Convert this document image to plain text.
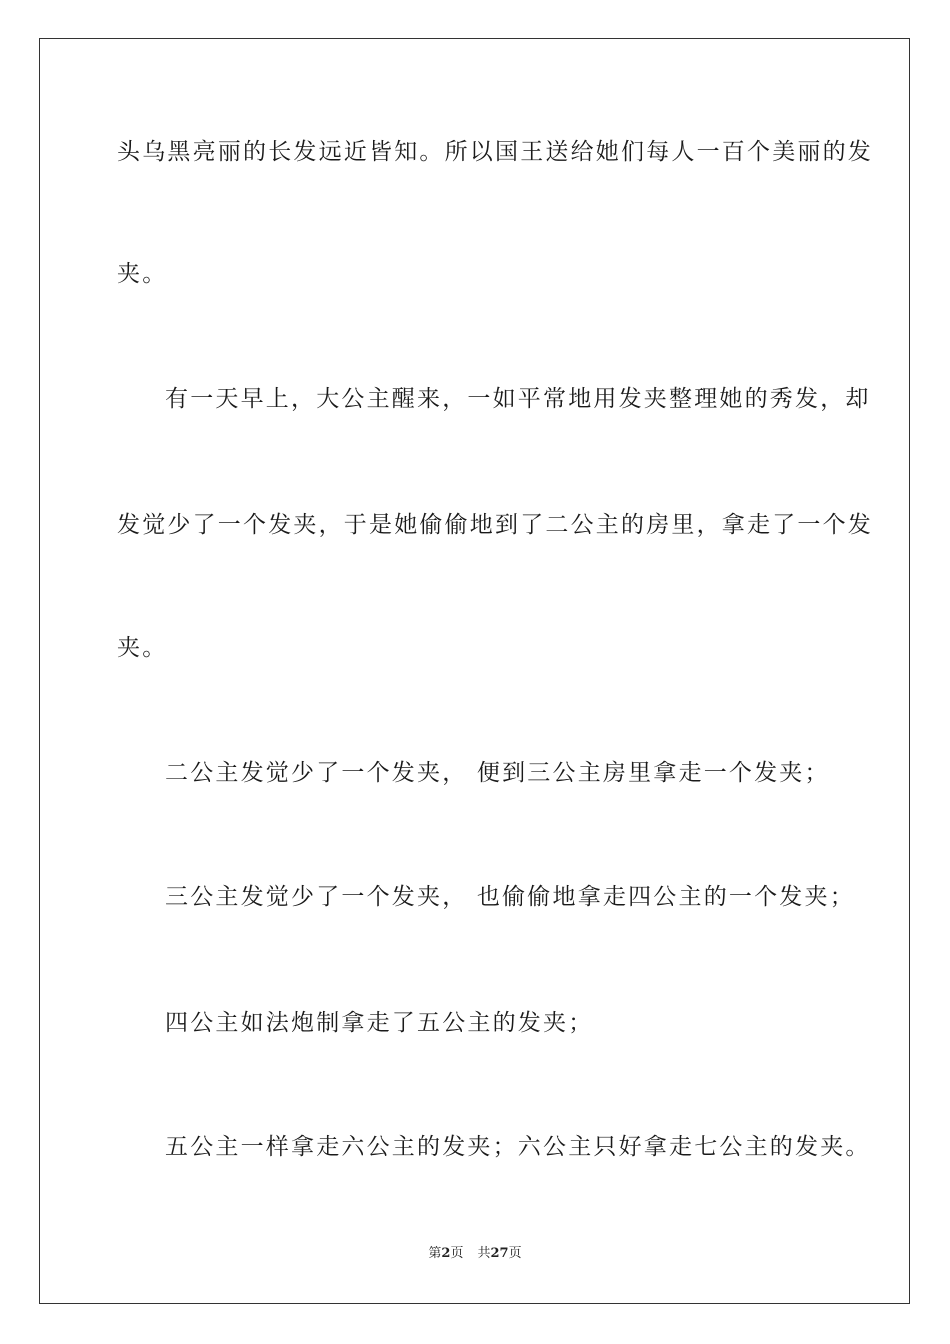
头乌黑亮丽的长发远近皆知。所以国王送给她们每人一百个美丽的发
夹。
有一天早上，大公主醒来，一如平常地用发夹整理她的秀发，却
发觉少了一个发夹，于是她偷偷地到了二公主的房里，拿走了一个发
夹。
二公主发觉少了一个发夹， 便到三公主房里拿走一个发夹；
三公主发觉少了一个发夹， 也偷偷地拿走四公主的一个发夹；
四公主如法炮制拿走了五公主的发夹；
五公主一样拿走六公主的发夹；六公主只好拿走七公主的发夹。
第2页 共27页
